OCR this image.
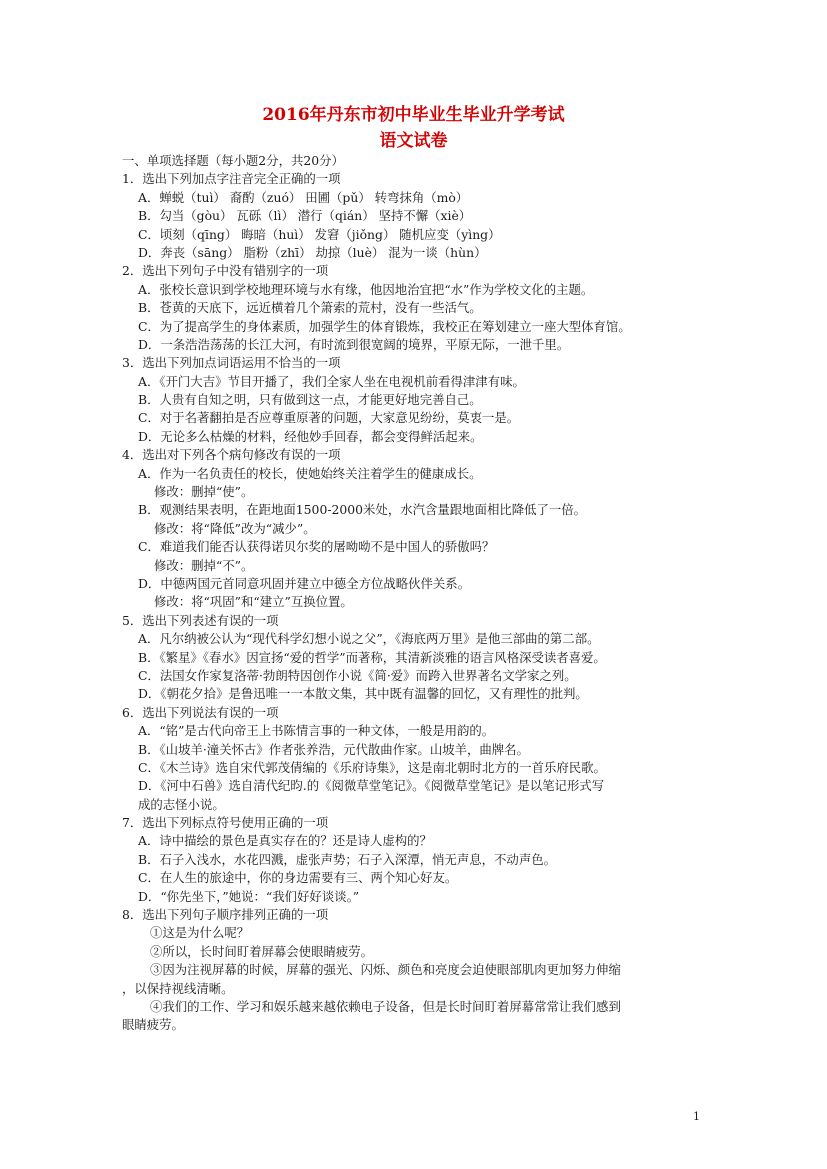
2016年丹东市初中毕业生毕业升学考试
语文试卷
一、单项选择题（每小题2分，共20分）
1．选出下列加点字注音完全正确的一项
A．蝉蜕（tuì） 裔酌（zuó） 田圃（pǔ） 转弯抹角（mò）
B．勾当（gòu） 瓦砾（lì） 潜行（qián） 坚持不懈（xiè）
C．顷刻（qīng） 晦暗（huì） 发窘（jiǒng） 随机应变（yìng）
D．奔丧（sāng） 脂粉（zhī） 劫掠（luè） 混为一谈（hùn）
2．选出下列句子中没有错别字的一项
A．张校长意识到学校地理环境与水有缘，他因地治宜把“水”作为学校文化的主题。
B．苍黄的天底下，远近横着几个箫索的荒村，没有一些活气。
C．为了提高学生的身体素质，加强学生的体育锻炼，我校正在筹划建立一座大型体育馆。
D．一条浩浩荡荡的长江大河，有时流到很宽阔的境界，平原无际，一泄千里。
3．选出下列加点词语运用不恰当的一项
A．《开门大吉》节目开播了，我们全家人坐在电视机前看得津津有味。
B．人贵有自知之明，只有做到这一点，才能更好地完善自己。
C．对于名著翻拍是否应尊重原著的问题，大家意见纷纷，莫衷一是。
D．无论多么枯燥的材料，经他妙手回春，都会变得鲜活起来。
4．选出对下列各个病句修改有误的一项
A．作为一名负责任的校长，使她始终关注着学生的健康成长。
修改：删掉“使”。
B．观测结果表明，在距地面1500-2000米处，水汽含量跟地面相比降低了一倍。
修改：将“降低”改为“减少”。
C．难道我们能否认获得诺贝尔奖的屠呦呦不是中国人的骄傲吗？
修改：删掉“不”。
D．中德两国元首同意巩固并建立中德全方位战略伙伴关系。
修改：将“巩固”和“建立”互换位置。
5．选出下列表述有误的一项
A．凡尔纳被公认为“现代科学幻想小说之父”，《海底两万里》是他三部曲的第二部。
B．《繁星》《春水》因宣扬“爱的哲学”而著称，其清新淡雅的语言风格深受读者喜爱。
C．法国女作家复洛蒂·勃朗特因创作小说《简·爱》而跨入世界著名文学家之列。
D．《朝花夕拾》是鲁迅唯一一本散文集，其中既有温馨的回忆，又有理性的批判。
6．选出下列说法有误的一项
A．“铭”是古代向帝王上书陈情言事的一种文体，一般是用韵的。
B．《山坡羊·潼关怀古》作者张养浩，元代散曲作家。山坡羊，曲牌名。
C．《木兰诗》选自宋代郭茂倩编的《乐府诗集》，这是南北朝时北方的一首乐府民歌。
D．《河中石兽》选自清代纪昀.的《阅微草堂笔记》。《阅微草堂笔记》是以笔记形式写
成的志怪小说。
7．选出下列标点符号使用正确的一项
A．诗中描绘的景色是真实存在的？还是诗人虚构的？
B．石子入浅水，水花四溅，虚张声势；石子入深潭，悄无声息，不动声色。
C．在人生的旅途中，你的身边需要有三、两个知心好友。
D．“你先坐下，”她说：“我们好好谈谈。”
8．选出下列句子顺序排列正确的一项
①这是为什么呢？
②所以，长时间盯着屏幕会使眼睛疲劳。
③因为注视屏幕的时候，屏幕的强光、闪烁、颜色和亮度会迫使眼部肌肉更加努力伸缩
，以保持视线清晰。
④我们的工作、学习和娱乐越来越依赖电子设备，但是长时间盯着屏幕常常让我们感到
眼睛疲劳。
1
